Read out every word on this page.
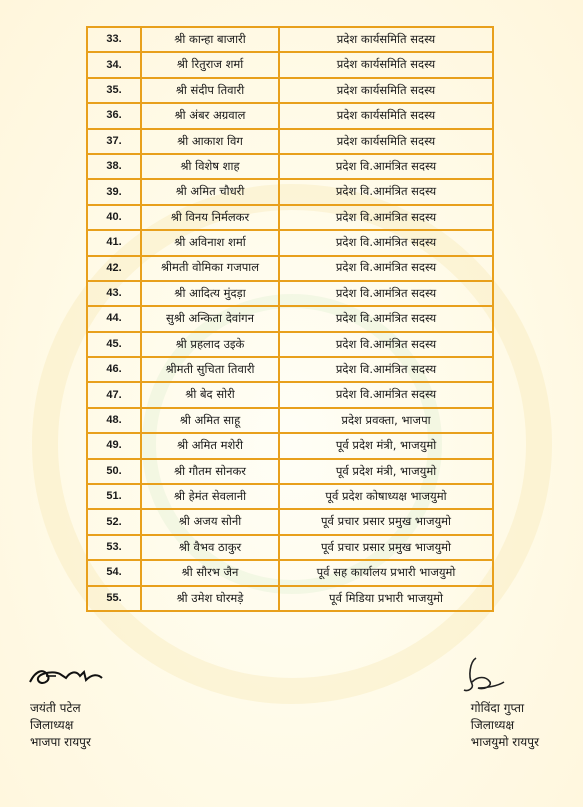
33.	श्री कान्हा बाजारी	प्रदेश कार्यसमिति सदस्य
34.	श्री रितुराज शर्मा	प्रदेश कार्यसमिति सदस्य
35.	श्री संदीप तिवारी	प्रदेश कार्यसमिति सदस्य
36.	श्री अंबर अग्रवाल	प्रदेश कार्यसमिति सदस्य
37.	श्री आकाश विग	प्रदेश कार्यसमिति सदस्य
38.	श्री विशेष शाह	प्रदेश वि.आमंत्रित सदस्य
39.	श्री अमित चौधरी	प्रदेश वि.आमंत्रित सदस्य
40.	श्री विनय निर्मलकर	प्रदेश वि.आमंत्रित सदस्य
41.	श्री अविनाश शर्मा	प्रदेश वि.आमंत्रित सदस्य
42.	श्रीमती वोमिका गजपाल	प्रदेश वि.आमंत्रित सदस्य
43.	श्री आदित्य मुंदड़ा	प्रदेश वि.आमंत्रित सदस्य
44.	सुश्री अन्किता देवांगन	प्रदेश वि.आमंत्रित सदस्य
45.	श्री प्रहलाद उइके	प्रदेश वि.आमंत्रित सदस्य
46.	श्रीमती सुचिता तिवारी	प्रदेश वि.आमंत्रित सदस्य
47.	श्री बेद सोरी	प्रदेश वि.आमंत्रित सदस्य
48.	श्री अमित साहू	प्रदेश प्रवक्ता, भाजपा
49.	श्री अमित मशेरी	पूर्व प्रदेश मंत्री, भाजयुमो
50.	श्री गौतम सोनकर	पूर्व प्रदेश मंत्री, भाजयुमो
51.	श्री हेमंत सेवलानी	पूर्व प्रदेश कोषाध्यक्ष भाजयुमो
52.	श्री अजय सोनी	पूर्व प्रचार प्रसार प्रमुख भाजयुमो
53.	श्री वैभव ठाकुर	पूर्व प्रचार प्रसार प्रमुख भाजयुमो
54.	श्री सौरभ जैन	पूर्व सह कार्यालय प्रभारी भाजयुमो
55.	श्री उमेश घोरमड़े	पूर्व मिडिया प्रभारी भाजयुमो
जयंती पटेल
जिलाध्यक्ष
भाजपा रायपुर
गोविंदा गुप्ता
जिलाध्यक्ष
भाजयुमो रायपुर
